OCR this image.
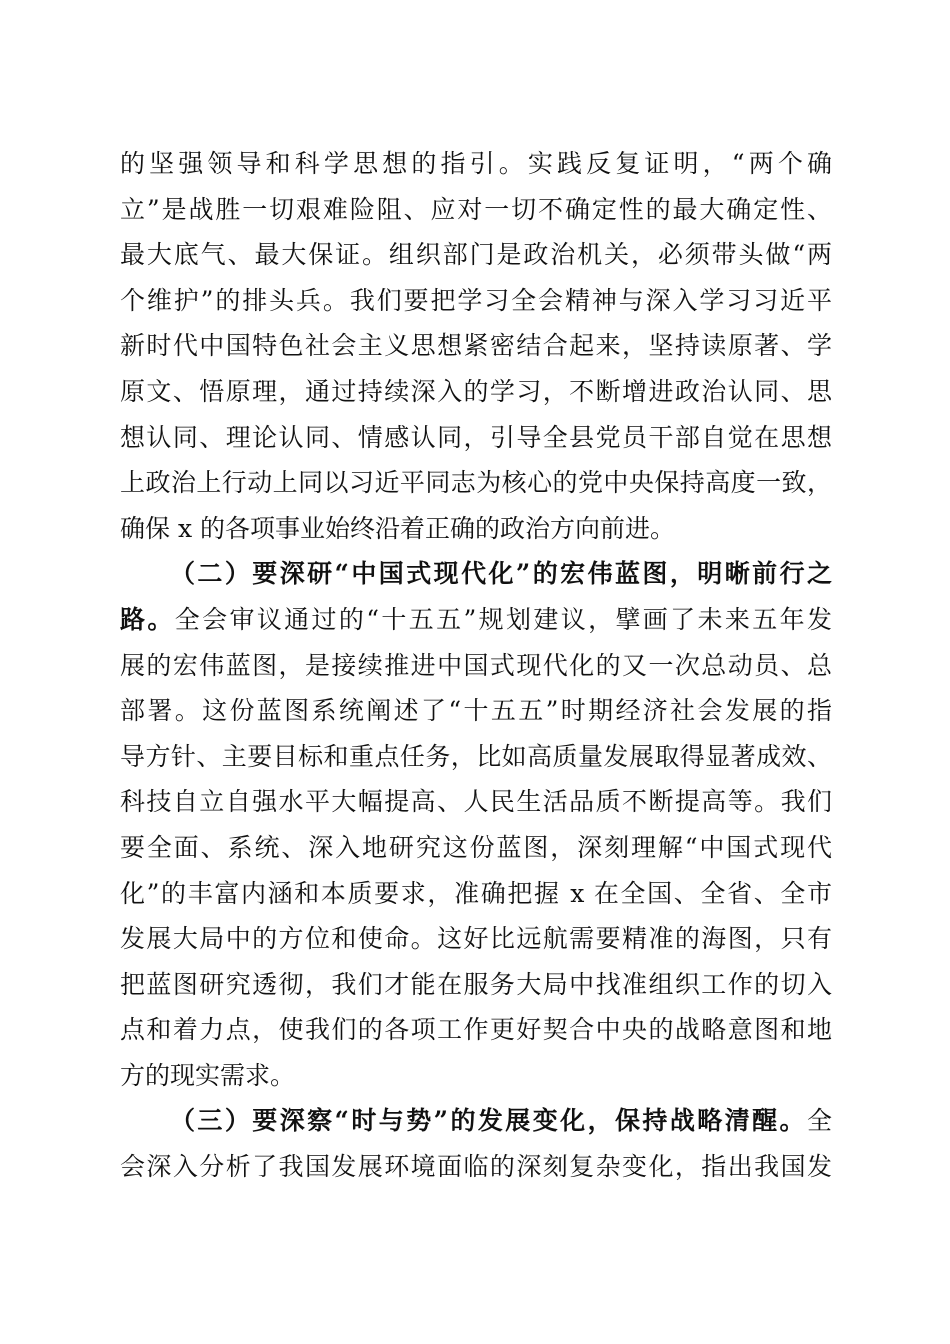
的坚强领导和科学思想的指引。实践反复证明，“两个确
立”是战胜一切艰难险阻、应对一切不确定性的最大确定性、
最大底气、最大保证。组织部门是政治机关，必须带头做“两
个维护”的排头兵。我们要把学习全会精神与深入学习习近平
新时代中国特色社会主义思想紧密结合起来，坚持读原著、学
原文、悟原理，通过持续深入的学习，不断增进政治认同、思
想认同、理论认同、情感认同，引导全县党员干部自觉在思想
上政治上行动上同以习近平同志为核心的党中央保持高度一致，
确保 x 的各项事业始终沿着正确的政治方向前进。

（二）要深研“中国式现代化”的宏伟蓝图，明晰前行之
路。全会审议通过的“十五五”规划建议，擘画了未来五年发
展的宏伟蓝图，是接续推进中国式现代化的又一次总动员、总
部署。这份蓝图系统阐述了“十五五”时期经济社会发展的指
导方针、主要目标和重点任务，比如高质量发展取得显著成效、
科技自立自强水平大幅提高、人民生活品质不断提高等。我们
要全面、系统、深入地研究这份蓝图，深刻理解“中国式现代
化”的丰富内涵和本质要求，准确把握 x 在全国、全省、全市
发展大局中的方位和使命。这好比远航需要精准的海图，只有
把蓝图研究透彻，我们才能在服务大局中找准组织工作的切入
点和着力点，使我们的各项工作更好契合中央的战略意图和地
方的现实需求。

（三）要深察“时与势”的发展变化，保持战略清醒。全
会深入分析了我国发展环境面临的深刻复杂变化，指出我国发
